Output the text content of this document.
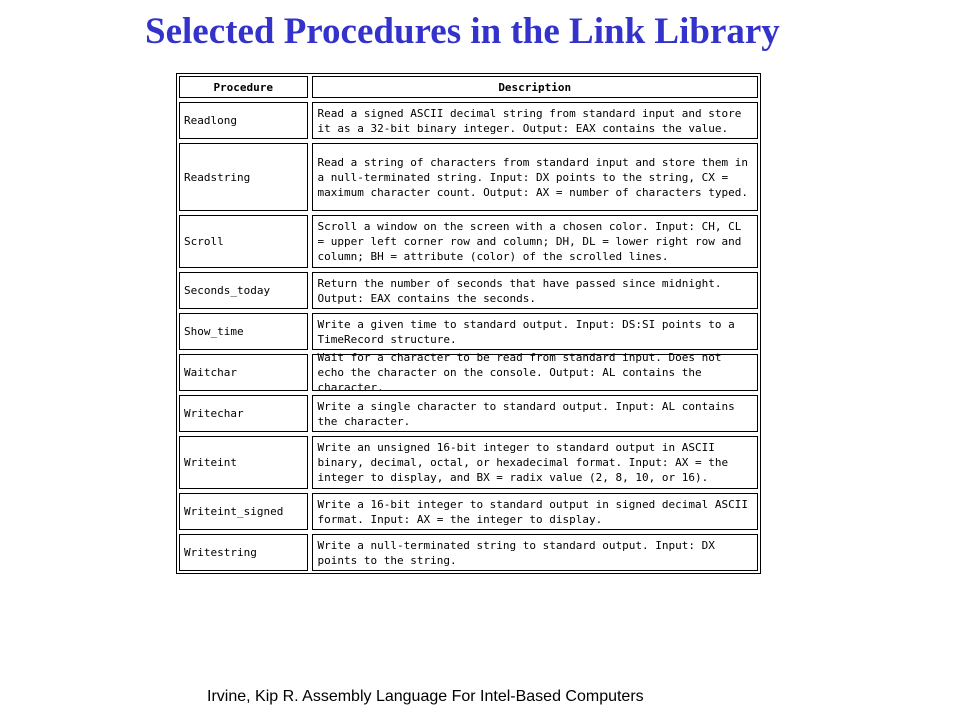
Selected Procedures in the Link Library
Procedure	Description

Readlong	Read a signed ASCII decimal string from standard input and store it as a 32-bit binary integer. Output: EAX contains the value.

Readstring	Read a string of characters from standard input and store them in a null-terminated string. Input: DX points to the string, CX = maximum character count. Output: AX = number of characters typed.

Scroll	Scroll a window on the screen with a chosen color. Input: CH, CL = upper left corner row and column; DH, DL = lower right row and column; BH = attribute (color) of the scrolled lines.

Seconds_today	Return the number of seconds that have passed since midnight. Output: EAX contains the seconds.

Show_time	Write a given time to standard output. Input: DS:SI points to a TimeRecord structure.

Waitchar	Wait for a character to be read from standard input. Does not echo the character on the console. Output: AL contains the character.

Writechar	Write a single character to standard output. Input: AL contains the character.

Writeint	Write an unsigned 16-bit integer to standard output in ASCII binary, decimal, octal, or hexadecimal format. Input: AX = the integer to display, and BX = radix value (2, 8, 10, or 16).

Writeint_signed	Write a 16-bit integer to standard output in signed decimal ASCII format. Input: AX = the integer to display.

Writestring	Write a null-terminated string to standard output. Input: DX points to the string.
Irvine, Kip R. Assembly Language For Intel-Based Computers
